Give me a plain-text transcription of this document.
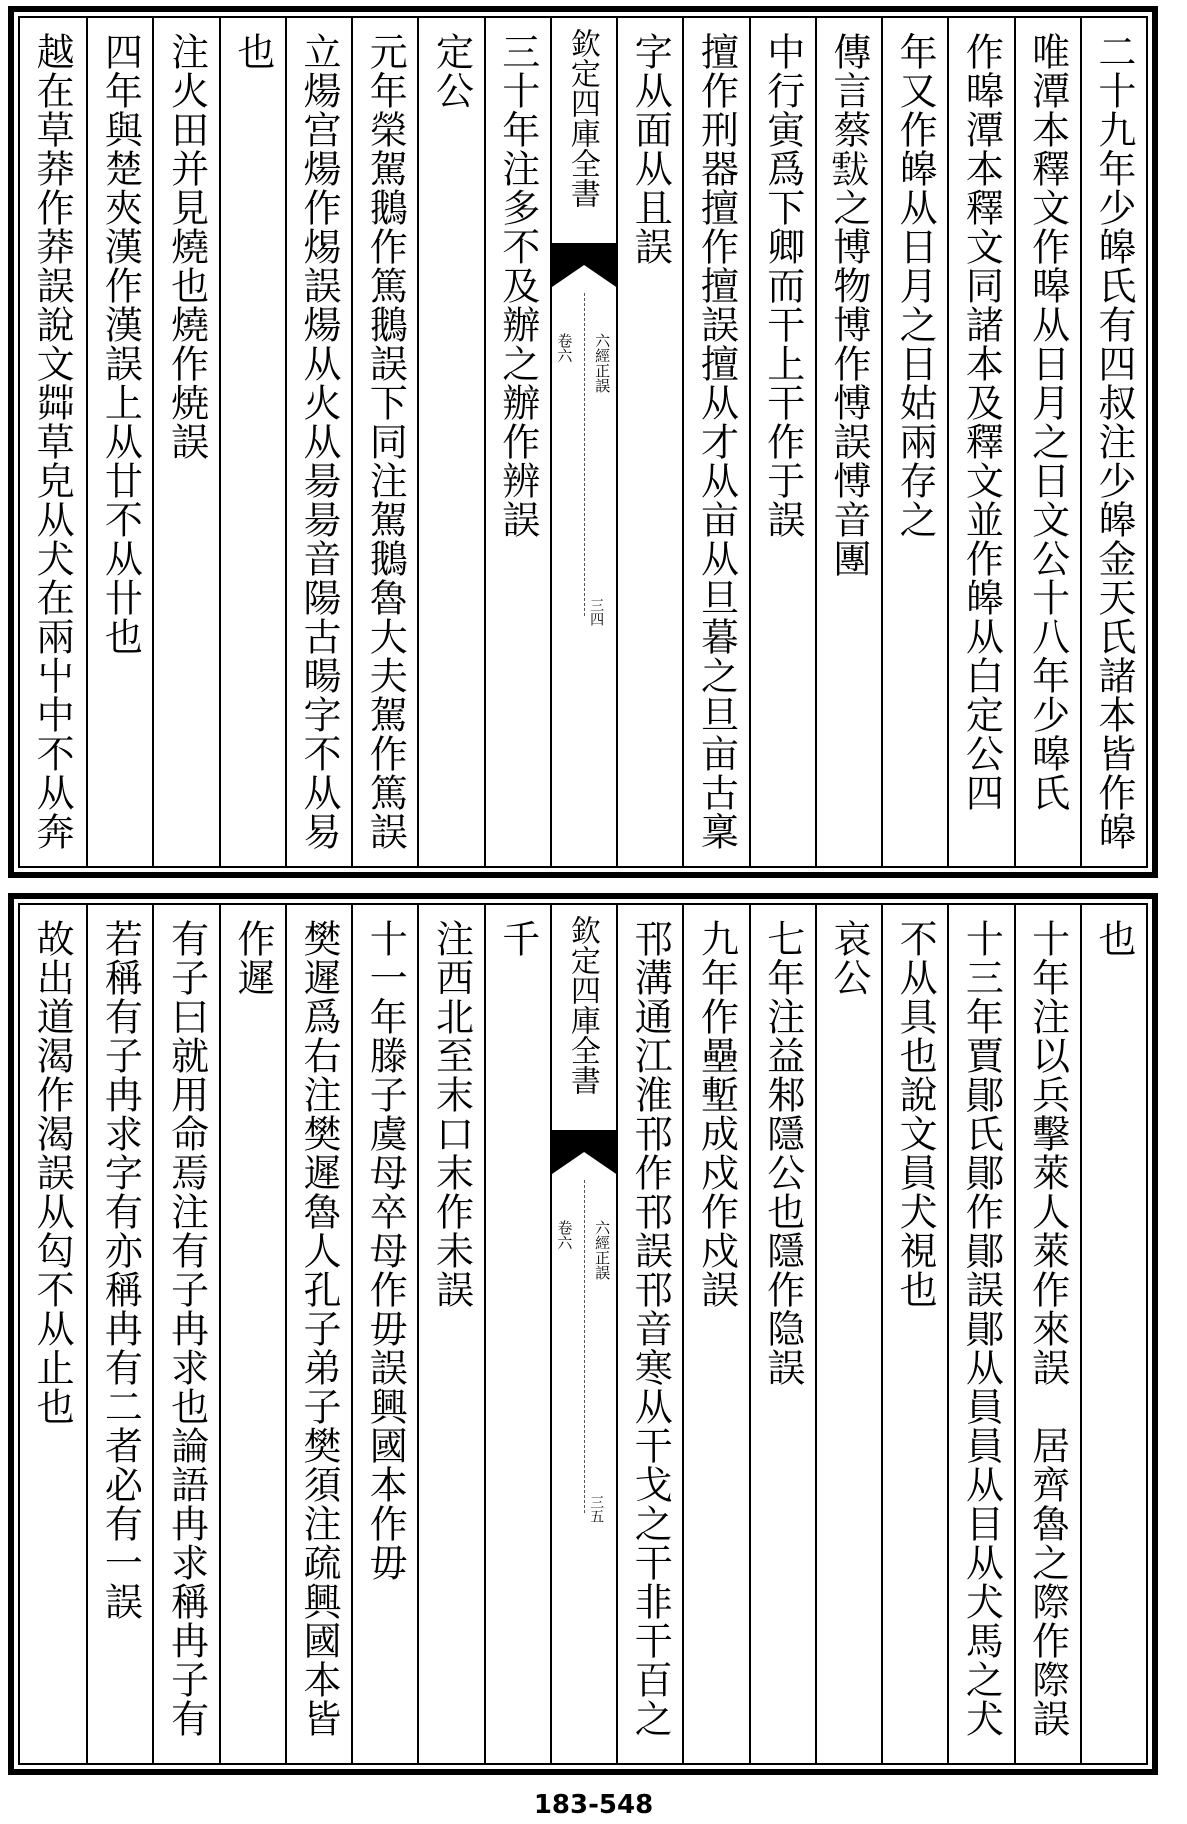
二十九年少皞氏有四叔注少皞金天氏諸本皆作皞
唯潭本釋文作暤从日月之日文公十八年少暤氏
作暤潭本釋文同諸本及釋文並作皞从白定公四
年又作皞从日月之日姑兩存之
傳言蔡𩃶之博物博作愽誤愽音團
中行寅爲下卿而干上干作于誤
擅作刑器擅作擅誤擅从才从亩从旦暮之旦亩古稟
字从面从且誤
欽定四庫全書
六經正誤
卷六
三四
三十年注多不及辦之辦作辨誤
定公
元年榮駕鵝作篤鵝誤下同注駕鵝魯大夫駕作篤誤
立煬宫煬作焬誤煬从火从昜昜音陽古暘字不从易
也
注火田并見燒也燒作焼誤
四年與楚夾漢作漢誤上从廿不从卄也
越在草莽作莽誤說文茻草皃从犬在兩屮中不从奔
也
十年注以兵擊萊人萊作來誤　居齊魯之際作際誤
十三年賈鄖氏鄖作鄖誤鄖从員員从目从犬馬之犬
不从具也說文員犬視也
哀公
七年注益邾隱公也隱作隐誤
九年作壘塹成戍作戍誤
邗溝通江淮邗作邗誤邗音寒从干戈之干非干百之
欽定四庫全書
六經正誤
卷六
三五
千
注西北至末口末作未誤
十一年滕子虞母卒母作毋誤興國本作毋
樊遲爲右注樊遲魯人孔子弟子樊須注疏興國本皆
作遲
有子曰就用命焉注有子冉求也論語冉求稱冉子有
若稱有子冉求字有亦稱冉有二者必有一誤
故出道渴作渴誤从匃不从止也
183-548
